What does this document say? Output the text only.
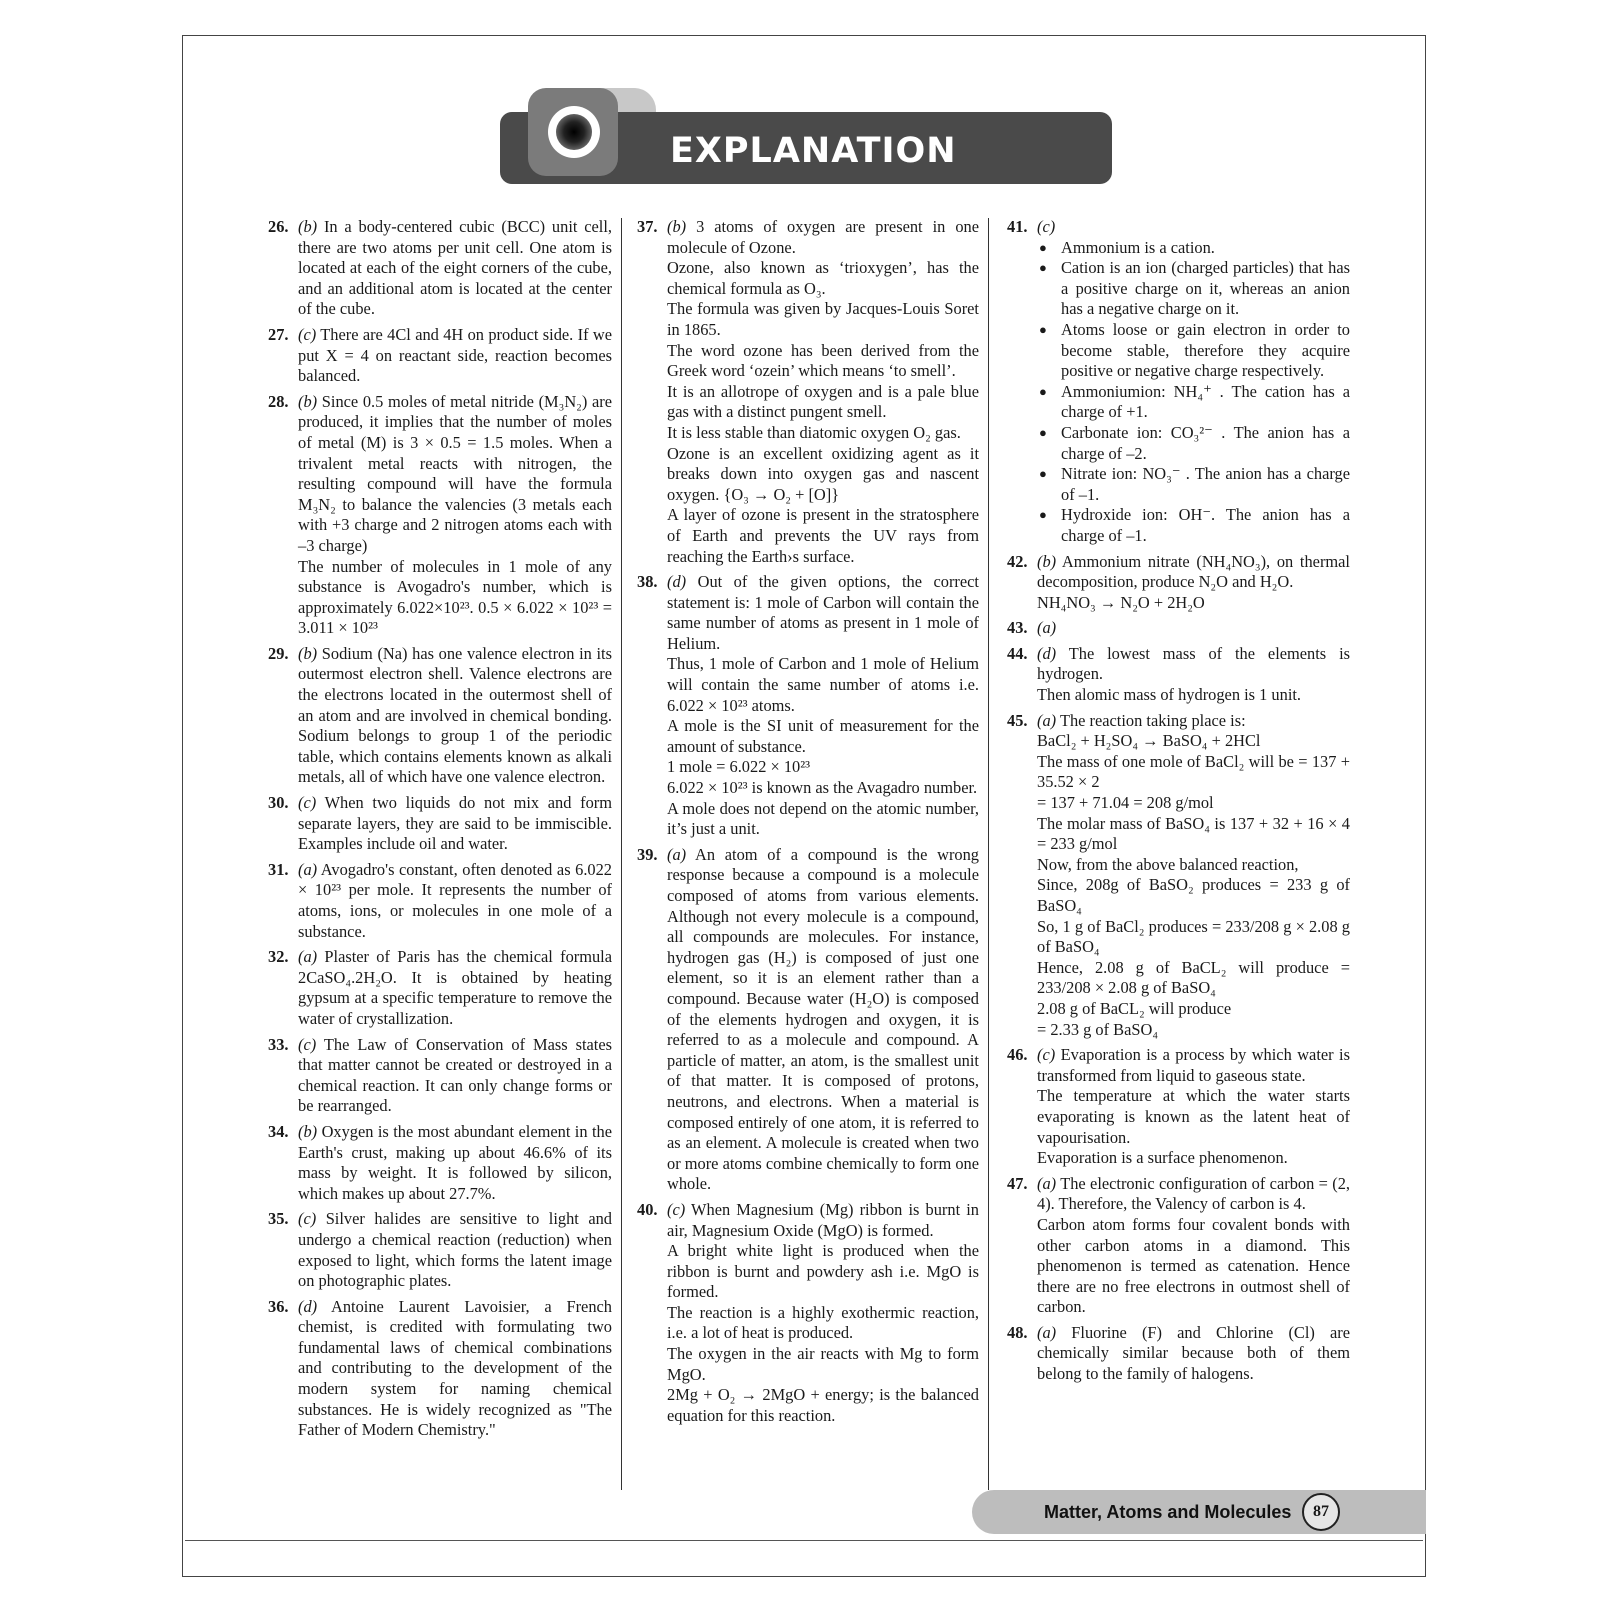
EXPLANATION
26. (b) In a body-centered cubic (BCC) unit cell, there are two atoms per unit cell. One atom is located at each of the eight corners of the cube, and an additional atom is located at the center of the cube.
27. (c) There are 4Cl and 4H on product side. If we put X = 4 on reactant side, reaction becomes balanced.
28. (b) Since 0.5 moles of metal nitride (M₃N₂) are produced, it implies that the number of moles of metal (M) is 3 × 0.5 = 1.5 moles. When a trivalent metal reacts with nitrogen, the resulting compound will have the formula M₃N₂ to balance the valencies (3 metals each with +3 charge and 2 nitrogen atoms each with –3 charge)
The number of molecules in 1 mole of any substance is Avogadro's number, which is approximately 6.022×10²³. 0.5 × 6.022 × 10²³ = 3.011 × 10²³
29. (b) Sodium (Na) has one valence electron in its outermost electron shell. Valence electrons are the electrons located in the outermost shell of an atom and are involved in chemical bonding. Sodium belongs to group 1 of the periodic table, which contains elements known as alkali metals, all of which have one valence electron.
30. (c) When two liquids do not mix and form separate layers, they are said to be immiscible. Examples include oil and water.
31. (a) Avogadro's constant, often denoted as 6.022 × 10²³ per mole. It represents the number of atoms, ions, or molecules in one mole of a substance.
32. (a) Plaster of Paris has the chemical formula 2CaSO₄.2H₂O. It is obtained by heating gypsum at a specific temperature to remove the water of crystallization.
33. (c) The Law of Conservation of Mass states that matter cannot be created or destroyed in a chemical reaction. It can only change forms or be rearranged.
34. (b) Oxygen is the most abundant element in the Earth's crust, making up about 46.6% of its mass by weight. It is followed by silicon, which makes up about 27.7%.
35. (c) Silver halides are sensitive to light and undergo a chemical reaction (reduction) when exposed to light, which forms the latent image on photographic plates.
36. (d) Antoine Laurent Lavoisier, a French chemist, is credited with formulating two fundamental laws of chemical combinations and contributing to the development of the modern system for naming chemical substances. He is widely recognized as "The Father of Modern Chemistry."
37. (b) 3 atoms of oxygen are present in one molecule of Ozone.
Ozone, also known as ‘trioxygen’, has the chemical formula as O₃.
The formula was given by Jacques-Louis Soret in 1865.
The word ozone has been derived from the Greek word ‘ozein’ which means ‘to smell’.
It is an allotrope of oxygen and is a pale blue gas with a distinct pungent smell.
It is less stable than diatomic oxygen O₂ gas.
Ozone is an excellent oxidizing agent as it breaks down into oxygen gas and nascent oxygen. {O₃ → O₂ + [O]}
A layer of ozone is present in the stratosphere of Earth and prevents the UV rays from reaching the Earth›s surface.
38. (d) Out of the given options, the correct statement is: 1 mole of Carbon will contain the same number of atoms as present in 1 mole of Helium.
Thus, 1 mole of Carbon and 1 mole of Helium will contain the same number of atoms i.e. 6.022 × 10²³ atoms.
A mole is the SI unit of measurement for the amount of substance.
1 mole = 6.022 × 10²³
6.022 × 10²³ is known as the Avagadro number.
A mole does not depend on the atomic number, it’s just a unit.
39. (a) An atom of a compound is the wrong response because a compound is a molecule composed of atoms from various elements. Although not every molecule is a compound, all compounds are molecules. For instance, hydrogen gas (H₂) is composed of just one element, so it is an element rather than a compound. Because water (H₂O) is composed of the elements hydrogen and oxygen, it is referred to as a molecule and compound. A particle of matter, an atom, is the smallest unit of that matter. It is composed of protons, neutrons, and electrons. When a material is composed entirely of one atom, it is referred to as an element. A molecule is created when two or more atoms combine chemically to form one whole.
40. (c) When Magnesium (Mg) ribbon is burnt in air, Magnesium Oxide (MgO) is formed.
A bright white light is produced when the ribbon is burnt and powdery ash i.e. MgO is formed.
The reaction is a highly exothermic reaction, i.e. a lot of heat is produced.
The oxygen in the air reacts with Mg to form MgO.
2Mg + O₂ → 2MgO + energy; is the balanced equation for this reaction.
41. (c)
● Ammonium is a cation.
● Cation is an ion (charged particles) that has a positive charge on it, whereas an anion has a negative charge on it.
● Atoms loose or gain electron in order to become stable, therefore they acquire positive or negative charge respectively.
● Ammoniumion: NH₄⁺ . The cation has a charge of +1.
● Carbonate ion: CO₃²⁻ . The anion has a charge of –2.
● Nitrate ion: NO₃⁻ . The anion has a charge of –1.
● Hydroxide ion: OH⁻. The anion has a charge of –1.
42. (b) Ammonium nitrate (NH₄NO₃), on thermal decomposition, produce N₂O and H₂O.
NH₄NO₃ → N₂O + 2H₂O
43. (a)
44. (d) The lowest mass of the elements is hydrogen.
Then alomic mass of hydrogen is 1 unit.
45. (a) The reaction taking place is:
BaCl₂ + H₂SO₄ → BaSO₄ + 2HCl
The mass of one mole of BaCl₂ will be = 137 + 35.52 × 2
= 137 + 71.04 = 208 g/mol
The molar mass of BaSO₄ is 137 + 32 + 16 × 4 = 233 g/mol
Now, from the above balanced reaction,
Since, 208g of BaSO₂ produces = 233 g of BaSO₄
So, 1 g of BaCl₂ produces = 233/208 g × 2.08 g of BaSO₄
Hence, 2.08 g of BaCL₂ will produce = 233/208 × 2.08 g of BaSO₄
2.08 g of BaCL₂ will produce
= 2.33 g of BaSO₄
46. (c) Evaporation is a process by which water is transformed from liquid to gaseous state.
The temperature at which the water starts evaporating is known as the latent heat of vapourisation.
Evaporation is a surface phenomenon.
47. (a) The electronic configuration of carbon = (2, 4). Therefore, the Valency of carbon is 4.
Carbon atom forms four covalent bonds with other carbon atoms in a diamond. This phenomenon is termed as catenation. Hence there are no free electrons in outmost shell of carbon.
48. (a) Fluorine (F) and Chlorine (Cl) are chemically similar because both of them belong to the family of halogens.
Matter, Atoms and Molecules	87
